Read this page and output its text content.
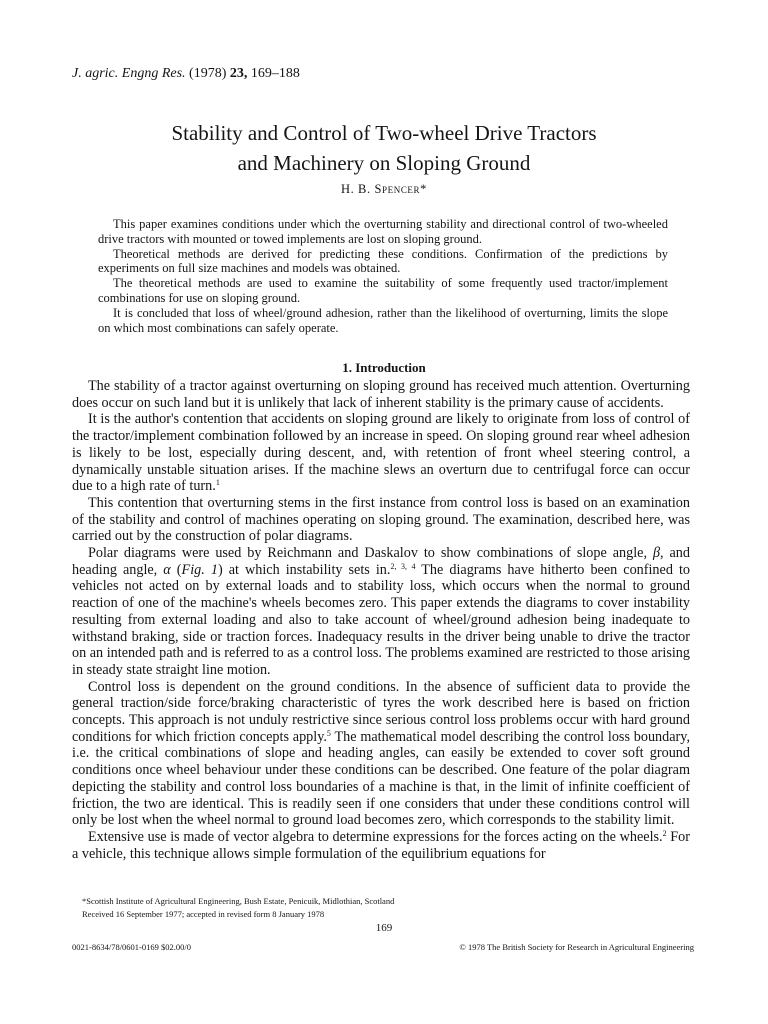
J. agric. Engng Res. (1978) 23, 169–188
Stability and Control of Two-wheel Drive Tractors
and Machinery on Sloping Ground
H. B. Spencer*

This paper examines conditions under which the overturning stability and directional control of two-wheeled drive tractors with mounted or towed implements are lost on sloping ground.

Theoretical methods are derived for predicting these conditions. Confirmation of the predictions by experiments on full size machines and models was obtained.

The theoretical methods are used to examine the suitability of some frequently used tractor/implement combinations for use on sloping ground.

It is concluded that loss of wheel/ground adhesion, rather than the likelihood of overturning, limits the slope on which most combinations can safely operate.

1. Introduction

The stability of a tractor against overturning on sloping ground has received much attention. Overturning does occur on such land but it is unlikely that lack of inherent stability is the primary cause of accidents.

It is the author's contention that accidents on sloping ground are likely to originate from loss of control of the tractor/implement combination followed by an increase in speed. On sloping ground rear wheel adhesion is likely to be lost, especially during descent, and, with retention of front wheel steering control, a dynamically unstable situation arises. If the machine slews an overturn due to centrifugal force can occur due to a high rate of turn.$^1$

This contention that overturning stems in the first instance from control loss is based on an examination of the stability and control of machines operating on sloping ground. The examination, described here, was carried out by the construction of polar diagrams.

Polar diagrams were used by Reichmann and Daskalov to show combinations of slope angle, β, and heading angle, α (Fig. 1) at which instability sets in.$^{2, 3, 4}$ The diagrams have hitherto been confined to vehicles not acted on by external loads and to stability loss, which occurs when the normal to ground reaction of one of the machine's wheels becomes zero. This paper extends the diagrams to cover instability resulting from external loading and also to take account of wheel/ground adhesion being inadequate to withstand braking, side or traction forces. Inadequacy results in the driver being unable to drive the tractor on an intended path and is referred to as a control loss. The problems examined are restricted to those arising in steady state straight line motion.

Control loss is dependent on the ground conditions. In the absence of sufficient data to provide the general traction/side force/braking characteristic of tyres the work described here is based on friction concepts. This approach is not unduly restrictive since serious control loss problems occur with hard ground conditions for which friction concepts apply.$^5$ The mathematical model describing the control loss boundary, i.e. the critical combinations of slope and heading angles, can easily be extended to cover soft ground conditions once wheel behaviour under these conditions can be described. One feature of the polar diagram depicting the stability and control loss boundaries of a machine is that, in the limit of infinite coefficient of friction, the two are identical. This is readily seen if one considers that under these conditions control will only be lost when the wheel normal to ground load becomes zero, which corresponds to the stability limit.

Extensive use is made of vector algebra to determine expressions for the forces acting on the wheels.$^2$ For a vehicle, this technique allows simple formulation of the equilibrium equations for

*Scottish Institute of Agricultural Engineering, Bush Estate, Penicuik, Midlothian, Scotland
Received 16 September 1977; accepted in revised form 8 January 1978
169
0021-8634/78/0601-0169 $02.00/0	© 1978 The British Society for Research in Agricultural Engineering
